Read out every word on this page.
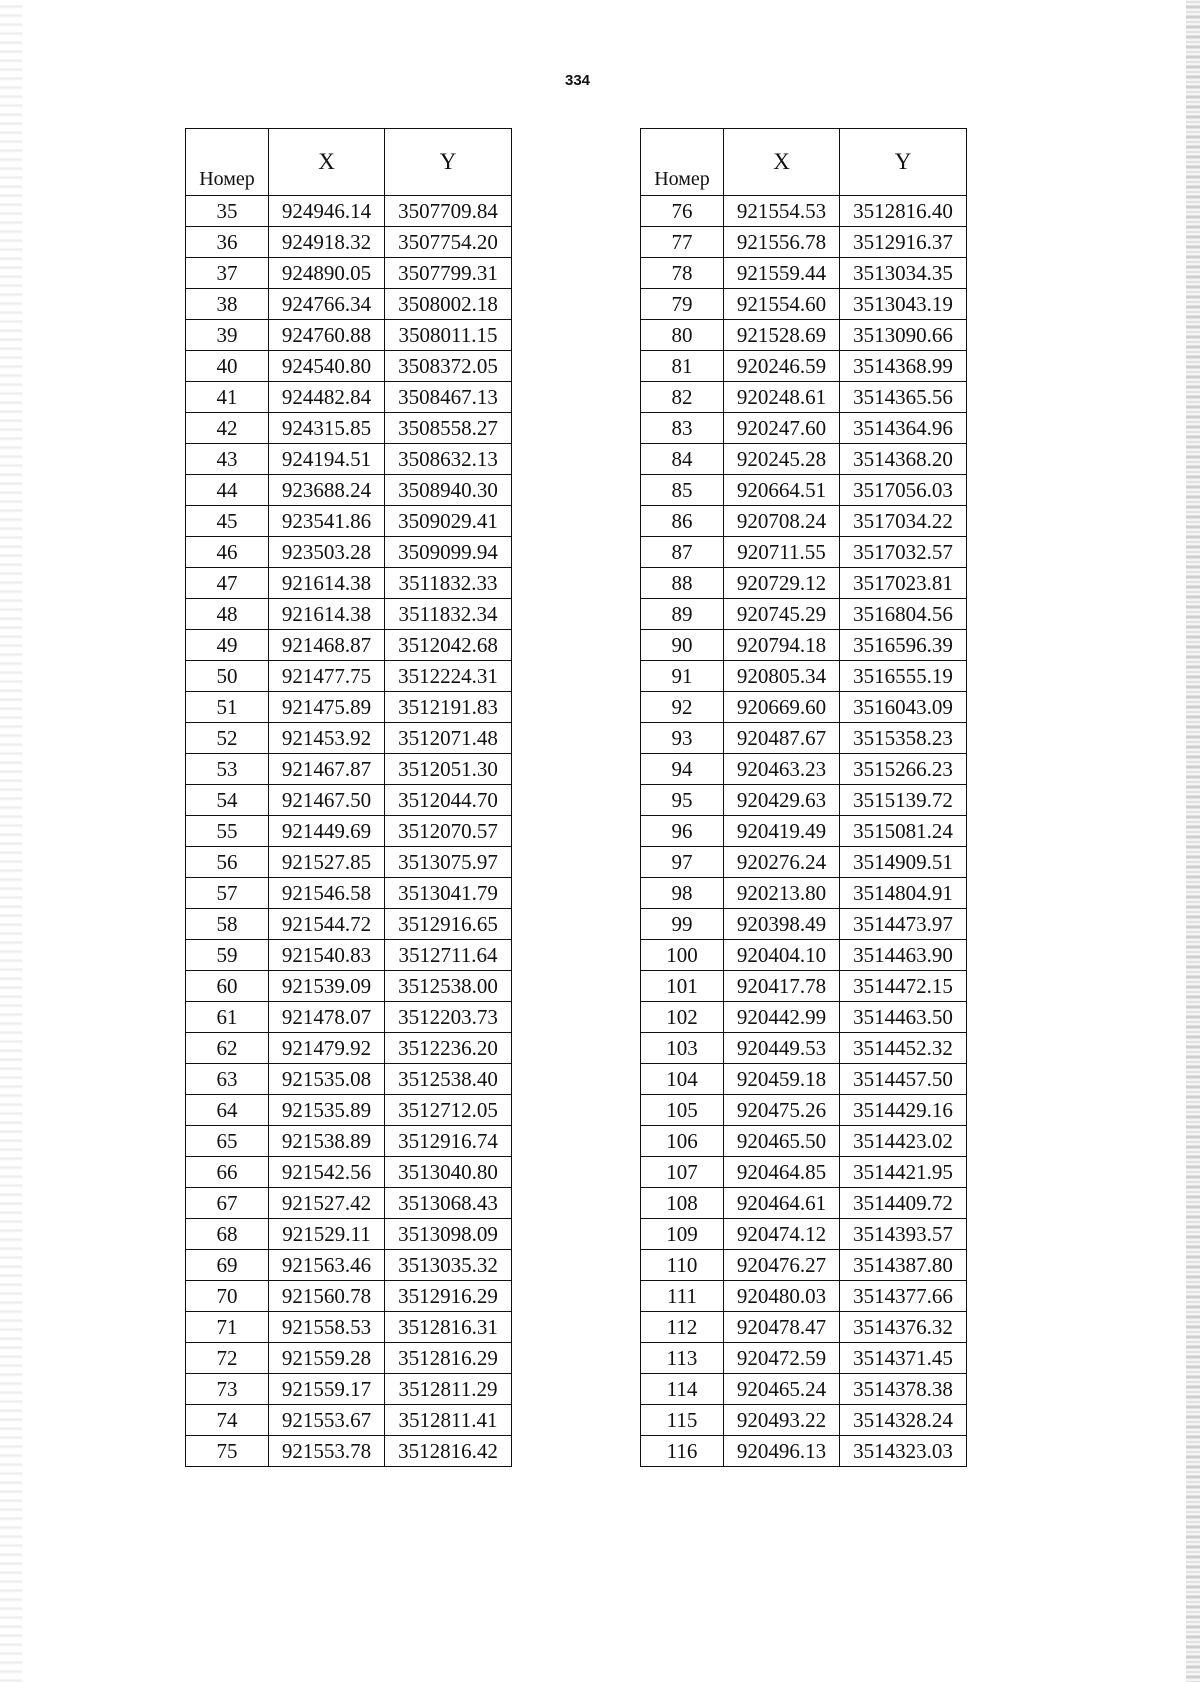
334
Номер	X	Y
35	924946.14	3507709.84
36	924918.32	3507754.20
37	924890.05	3507799.31
38	924766.34	3508002.18
39	924760.88	3508011.15
40	924540.80	3508372.05
41	924482.84	3508467.13
42	924315.85	3508558.27
43	924194.51	3508632.13
44	923688.24	3508940.30
45	923541.86	3509029.41
46	923503.28	3509099.94
47	921614.38	3511832.33
48	921614.38	3511832.34
49	921468.87	3512042.68
50	921477.75	3512224.31
51	921475.89	3512191.83
52	921453.92	3512071.48
53	921467.87	3512051.30
54	921467.50	3512044.70
55	921449.69	3512070.57
56	921527.85	3513075.97
57	921546.58	3513041.79
58	921544.72	3512916.65
59	921540.83	3512711.64
60	921539.09	3512538.00
61	921478.07	3512203.73
62	921479.92	3512236.20
63	921535.08	3512538.40
64	921535.89	3512712.05
65	921538.89	3512916.74
66	921542.56	3513040.80
67	921527.42	3513068.43
68	921529.11	3513098.09
69	921563.46	3513035.32
70	921560.78	3512916.29
71	921558.53	3512816.31
72	921559.28	3512816.29
73	921559.17	3512811.29
74	921553.67	3512811.41
75	921553.78	3512816.42
Номер	X	Y
76	921554.53	3512816.40
77	921556.78	3512916.37
78	921559.44	3513034.35
79	921554.60	3513043.19
80	921528.69	3513090.66
81	920246.59	3514368.99
82	920248.61	3514365.56
83	920247.60	3514364.96
84	920245.28	3514368.20
85	920664.51	3517056.03
86	920708.24	3517034.22
87	920711.55	3517032.57
88	920729.12	3517023.81
89	920745.29	3516804.56
90	920794.18	3516596.39
91	920805.34	3516555.19
92	920669.60	3516043.09
93	920487.67	3515358.23
94	920463.23	3515266.23
95	920429.63	3515139.72
96	920419.49	3515081.24
97	920276.24	3514909.51
98	920213.80	3514804.91
99	920398.49	3514473.97
100	920404.10	3514463.90
101	920417.78	3514472.15
102	920442.99	3514463.50
103	920449.53	3514452.32
104	920459.18	3514457.50
105	920475.26	3514429.16
106	920465.50	3514423.02
107	920464.85	3514421.95
108	920464.61	3514409.72
109	920474.12	3514393.57
110	920476.27	3514387.80
111	920480.03	3514377.66
112	920478.47	3514376.32
113	920472.59	3514371.45
114	920465.24	3514378.38
115	920493.22	3514328.24
116	920496.13	3514323.03
